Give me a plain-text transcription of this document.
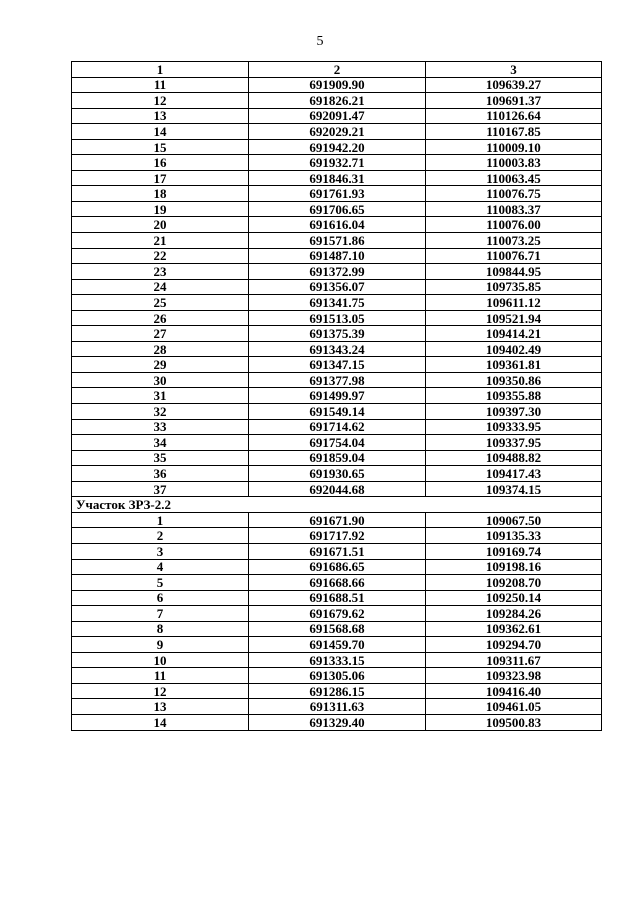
5
1	2	3
11	691909.90	109639.27
12	691826.21	109691.37
13	692091.47	110126.64
14	692029.21	110167.85
15	691942.20	110009.10
16	691932.71	110003.83
17	691846.31	110063.45
18	691761.93	110076.75
19	691706.65	110083.37
20	691616.04	110076.00
21	691571.86	110073.25
22	691487.10	110076.71
23	691372.99	109844.95
24	691356.07	109735.85
25	691341.75	109611.12
26	691513.05	109521.94
27	691375.39	109414.21
28	691343.24	109402.49
29	691347.15	109361.81
30	691377.98	109350.86
31	691499.97	109355.88
32	691549.14	109397.30
33	691714.62	109333.95
34	691754.04	109337.95
35	691859.04	109488.82
36	691930.65	109417.43
37	692044.68	109374.15
Участок ЗРЗ-2.2		
1	691671.90	109067.50
2	691717.92	109135.33
3	691671.51	109169.74
4	691686.65	109198.16
5	691668.66	109208.70
6	691688.51	109250.14
7	691679.62	109284.26
8	691568.68	109362.61
9	691459.70	109294.70
10	691333.15	109311.67
11	691305.06	109323.98
12	691286.15	109416.40
13	691311.63	109461.05
14	691329.40	109500.83
